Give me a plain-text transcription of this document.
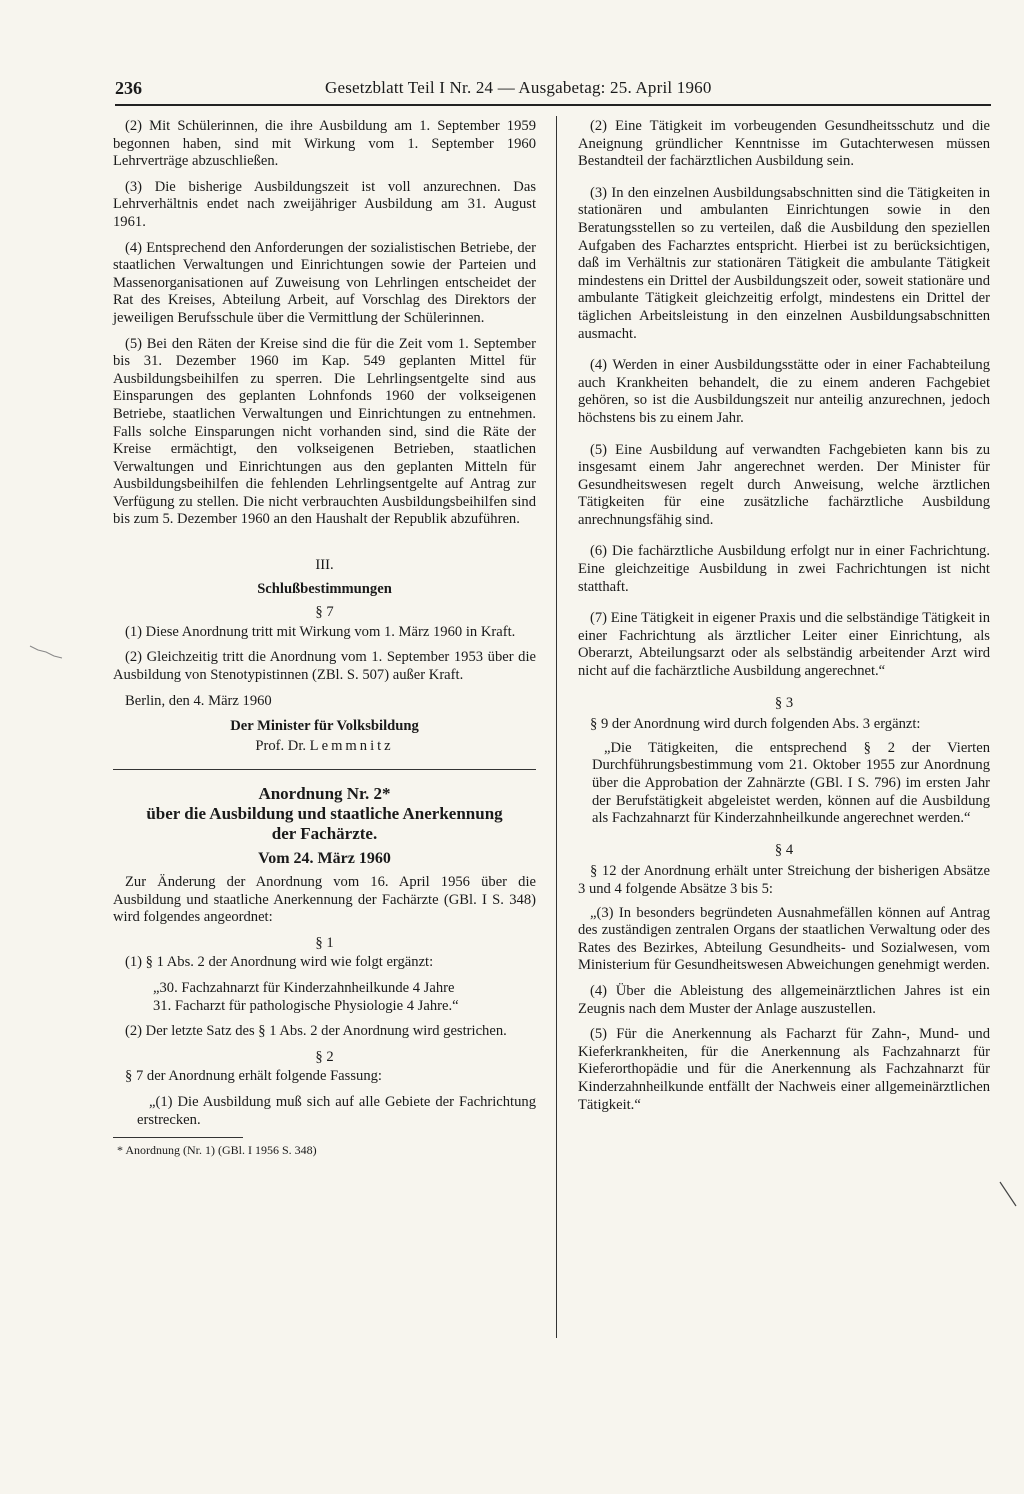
236	Gesetzblatt Teil I Nr. 24 — Ausgabetag: 25. April 1960

(2) Mit Schülerinnen, die ihre Ausbildung am 1. September 1959 begonnen haben, sind mit Wirkung vom 1. September 1960 Lehrverträge abzuschließen.

(3) Die bisherige Ausbildungszeit ist voll anzurechnen. Das Lehrverhältnis endet nach zweijähriger Ausbildung am 31. August 1961.

(4) Entsprechend den Anforderungen der sozialistischen Betriebe, der staatlichen Verwaltungen und Einrichtungen sowie der Parteien und Massenorganisationen auf Zuweisung von Lehrlingen entscheidet der Rat des Kreises, Abteilung Arbeit, auf Vorschlag des Direktors der jeweiligen Berufsschule über die Vermittlung der Schülerinnen.

(5) Bei den Räten der Kreise sind die für die Zeit vom 1. September bis 31. Dezember 1960 im Kap. 549 geplanten Mittel für Ausbildungsbeihilfen zu sperren. Die Lehrlingsentgelte sind aus Einsparungen des geplanten Lohnfonds 1960 der volkseigenen Betriebe, staatlichen Verwaltungen und Einrichtungen zu entnehmen. Falls solche Einsparungen nicht vorhanden sind, sind die Räte der Kreise ermächtigt, den volkseigenen Betrieben, staatlichen Verwaltungen und Einrichtungen aus den geplanten Mitteln für Ausbildungsbeihilfen die fehlenden Lehrlingsentgelte auf Antrag zur Verfügung zu stellen. Die nicht verbrauchten Ausbildungsbeihilfen sind bis zum 5. Dezember 1960 an den Haushalt der Republik abzuführen.

III.

Schlußbestimmungen

§ 7

(1) Diese Anordnung tritt mit Wirkung vom 1. März 1960 in Kraft.

(2) Gleichzeitig tritt die Anordnung vom 1. September 1953 über die Ausbildung von Stenotypistinnen (ZBl. S. 507) außer Kraft.

Berlin, den 4. März 1960

Der Minister für Volksbildung

Prof. Dr. Lemmnitz

Anordnung Nr. 2*
über die Ausbildung und staatliche Anerkennung
der Fachärzte.
Vom 24. März 1960

Zur Änderung der Anordnung vom 16. April 1956 über die Ausbildung und staatliche Anerkennung der Fachärzte (GBl. I S. 348) wird folgendes angeordnet:

§ 1

(1) § 1 Abs. 2 der Anordnung wird wie folgt ergänzt:

„30. Fachzahnarzt für Kinderzahnheilkunde 4 Jahre

31. Facharzt für pathologische Physiologie 4 Jahre.“

(2) Der letzte Satz des § 1 Abs. 2 der Anordnung wird gestrichen.

§ 2

§ 7 der Anordnung erhält folgende Fassung:

„(1) Die Ausbildung muß sich auf alle Gebiete der Fachrichtung erstrecken.

* Anordnung (Nr. 1) (GBl. I 1956 S. 348)

(2) Eine Tätigkeit im vorbeugenden Gesundheitsschutz und die Aneignung gründlicher Kenntnisse im Gutachterwesen müssen Bestandteil der fachärztlichen Ausbildung sein.

(3) In den einzelnen Ausbildungsabschnitten sind die Tätigkeiten in stationären und ambulanten Einrichtungen sowie in den Beratungsstellen so zu verteilen, daß die Ausbildung den speziellen Aufgaben des Facharztes entspricht. Hierbei ist zu berücksichtigen, daß im Verhältnis zur stationären Tätigkeit die ambulante Tätigkeit mindestens ein Drittel der Ausbildungszeit oder, soweit stationäre und ambulante Tätigkeit gleichzeitig erfolgt, mindestens ein Drittel der täglichen Arbeitsleistung in den einzelnen Ausbildungsabschnitten ausmacht.

(4) Werden in einer Ausbildungsstätte oder in einer Fachabteilung auch Krankheiten behandelt, die zu einem anderen Fachgebiet gehören, so ist die Ausbildungszeit nur anteilig anzurechnen, jedoch höchstens bis zu einem Jahr.

(5) Eine Ausbildung auf verwandten Fachgebieten kann bis zu insgesamt einem Jahr angerechnet werden. Der Minister für Gesundheitswesen regelt durch Anweisung, welche ärztlichen Tätigkeiten für eine zusätzliche fachärztliche Ausbildung anrechnungsfähig sind.

(6) Die fachärztliche Ausbildung erfolgt nur in einer Fachrichtung. Eine gleichzeitige Ausbildung in zwei Fachrichtungen ist nicht statthaft.

(7) Eine Tätigkeit in eigener Praxis und die selbständige Tätigkeit in einer Fachrichtung als ärztlicher Leiter einer Einrichtung, als Oberarzt, Abteilungsarzt oder als selbständig arbeitender Arzt wird nicht auf die fachärztliche Ausbildung angerechnet.“

§ 3

§ 9 der Anordnung wird durch folgenden Abs. 3 ergänzt:

„Die Tätigkeiten, die entsprechend § 2 der Vierten Durchführungsbestimmung vom 21. Oktober 1955 zur Anordnung über die Approbation der Zahnärzte (GBl. I S. 796) im ersten Jahr der Berufstätigkeit abgeleistet werden, können auf die Ausbildung als Fachzahnarzt für Kinderzahnheilkunde angerechnet werden.“

§ 4

§ 12 der Anordnung erhält unter Streichung der bisherigen Absätze 3 und 4 folgende Absätze 3 bis 5:

„(3) In besonders begründeten Ausnahmefällen können auf Antrag des zuständigen zentralen Organs der staatlichen Verwaltung oder des Rates des Bezirkes, Abteilung Gesundheits- und Sozialwesen, vom Ministerium für Gesundheitswesen Abweichungen genehmigt werden.

(4) Über die Ableistung des allgemeinärztlichen Jahres ist ein Zeugnis nach dem Muster der Anlage auszustellen.

(5) Für die Anerkennung als Facharzt für Zahn-, Mund- und Kieferkrankheiten, für die Anerkennung als Fachzahnarzt für Kieferorthopädie und für die Anerkennung als Fachzahnarzt für Kinderzahnheilkunde entfällt der Nachweis einer allgemeinärztlichen Tätigkeit.“
